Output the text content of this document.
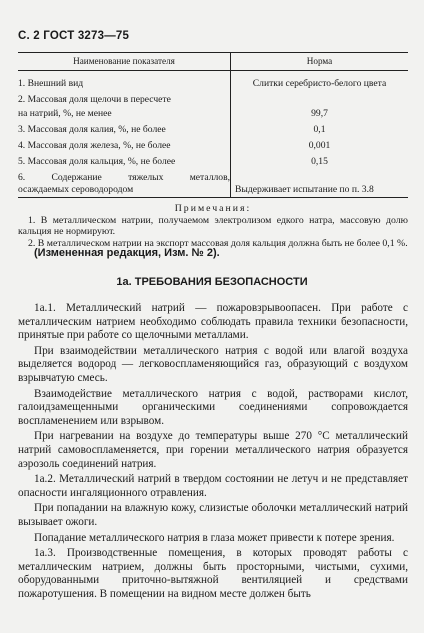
С. 2 ГОСТ 3273—75
Наименование показателя	Норма
1. Внешний вид	Слитки серебристо-белого цвета
2. Массовая доля щелочи в пересчете	
на натрий, %, не менее	99,7
3. Массовая доля калия, %, не более	0,1
4. Массовая доля железа, %, не более	0,001
5. Массовая доля кальция, %, не более	0,15
6. Содержание тяжелых металлов,	
осаждаемых сероводородом	Выдерживает испытание по п. 3.8
Примечания:

1. В металлическом натрии, получаемом электролизом едкого натра, массовую долю кальция не нормируют.

2. В металлическом натрии на экспорт массовая доля кальция должна быть не более 0,1 %.

(Измененная редакция, Изм. № 2).
1а. ТРЕБОВАНИЯ БЕЗОПАСНОСТИ

1а.1. Металлический натрий — пожаровзрывоопасен. При работе с металлическим натрием необходимо соблюдать правила техники безопасности, принятые при работе со щелочными металлами.

При взаимодействии металлического натрия с водой или влагой воздуха выделяется водород — легковоспламеняющийся газ, образующий с воздухом взрывчатую смесь.

Взаимодействие металлического натрия с водой, растворами кислот, галоидзамещенными органическими соединениями сопровождается воспламенением или взрывом.

При нагревании на воздухе до температуры выше 270 °С металлический натрий самовоспламеняется, при горении металлического натрия образуется аэрозоль соединений натрия.

1а.2. Металлический натрий в твердом состоянии не летуч и не представляет опасности ингаляционного отравления.

При попадании на влажную кожу, слизистые оболочки металлический натрий вызывает ожоги.

Попадание металлического натрия в глаза может привести к потере зрения.

1а.3. Производственные помещения, в которых проводят работы с металлическим натрием, должны быть просторными, чистыми, сухими, оборудованными приточно-вытяжной вентиляцией и средствами пожаротушения. В помещении на видном месте должен быть
